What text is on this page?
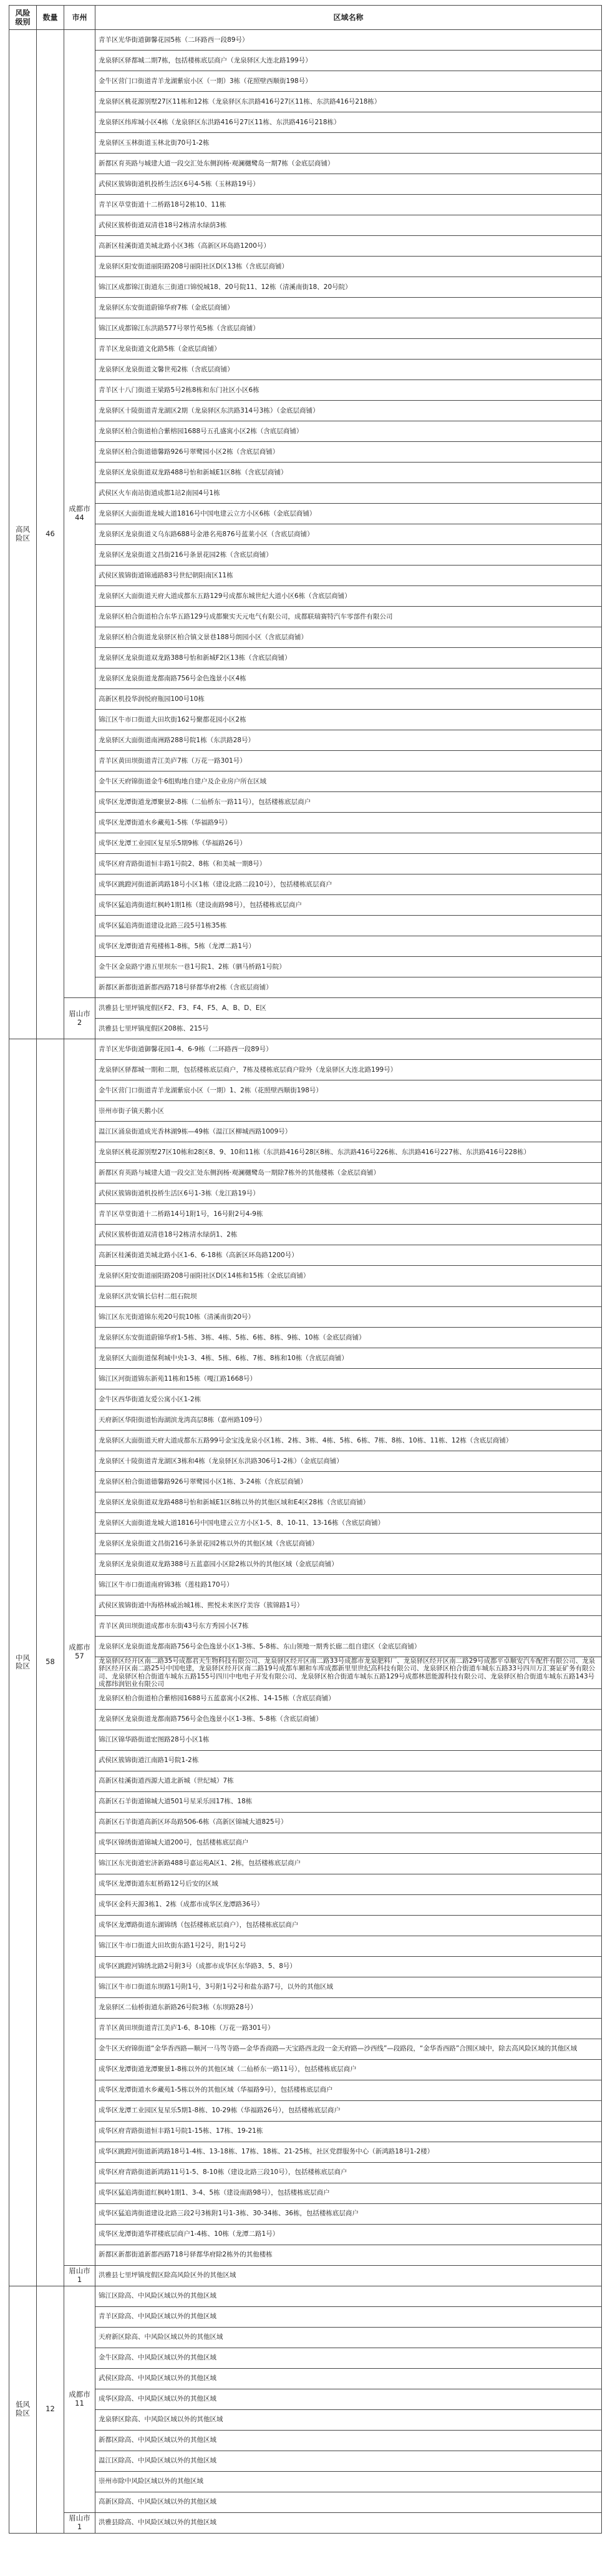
风险级别	数量	市州	区域名称
高风险区	46	成都市44	青羊区光华街道御馨花园5栋（二环路西一段89号）
			龙泉驿区驿都城二期7栋，包括楼栋底层商户（龙泉驿区大连北路199号）
			金牛区营门口街道青羊龙湖紫宸小区（一期）3栋（花照壁西顺街198号）
			龙泉驿区桃花源别墅27区11栋和12栋（龙泉驿区东洪路416号27区11栋、东洪路416号218栋）
			龙泉驿区纬库城小区4栋（龙泉驿区东洪路416号27区11栋、东洪路416号218栋）
			龙泉驿区玉林街道玉林北街70号1-2栋
			新都区育英路与城建大道一段交汇处东侧润杨·观澜樾鹭岛一期7栋（金底层商铺）
			武侯区簇锦街道机投桥生活区6号4-5栋（玉林路19号）
			青羊区草堂街道十二桥路18号2栋10、11栋
			武侯区簇桥街道双清巷18号2栋清水绿荫3栋
			高新区桂溪街道美城北路小区3栋（高新区环岛路1200号）
			龙泉驿区阳安街道丽阳路208号丽阳社区D区13栋（含底层商铺）
			锦江区成都锦江街道东三街道口锦悦城18、20号院11、12栋（清溪南街18、20号院）
			龙泉驿区东安街道蔚锦华府7栋（金底层商铺）
			锦江区成都锦江东洪路577号翠竹苑5栋（含底层商铺）
			青羊区龙泉街道文化路5栋（金底层商铺）
			龙泉驿区龙泉街道文馨世苑2栋（含底层商铺）
			青羊区十八门街道王梁路5号2栋8栋和东门社区小区6栋
			龙泉驿区十陵街道青龙湖区2期（龙泉驿区东洪路314号3栋）（金底层商铺）
			龙泉驿区柏合街道柏合紫榕园1688号五孔盛寓小区2栋（含底层商铺）
			龙泉驿区柏合街道德馨路926号翠鹭园小区2栋（含底层商铺）
			龙泉驿区龙泉街道双龙路488号怡和新城E1区8栋（含底层商铺）
			武侯区火车南站街道成都1站2南园4号1栋
			龙泉驿区大面街道龙城大道1816号中国电建云立方小区6栋（金底层商铺）
			龙泉驿区龙泉街道义乌东路688号金港名苑876号蓝莱小区（含底层商铺）
			龙泉驿区龙泉街道文昌街216号条景花园2栋（含底层商铺）
			武侯区簇锦街道锦通路83号世纪朝阳南区11栋
			龙泉驿区大面街道天府大道成都东五路129号成都东城世纪大道小区6栋（含底层商铺）
			龙泉驿区柏合街道柏合东华五路129号成都聚实天元电气有限公司，成都联瑞赛特汽车零部件有限公司
			龙泉驿区柏合街道龙泉驿区柏合镇文景巷188号朗园小区（含底层商铺）
			龙泉驿区龙泉街道双龙路388号怡和新城F2区13栋（含底层商铺）
			龙泉驿区龙泉街道龙都南路756号金色逸景小区4栋
			高新区机投华润悦府瓶园100号10栋
			锦江区牛市口街道大田坎街162号聚都花园小区2栋
			龙泉驿区大面街道南洲路288号院1栋（东洪路28号）
			青羊区黄田坝街道青江美庐7栋（万花一路301号）
			金牛区天府锦街道金牛6组购地自建户及企业房户所在区域
			成华区龙潭街道龙潭聚景2-8栋（二仙桥东一路11号），包括楼栋底层商户
			成华区龙潭街道水乡藏苑1-5栋（华福路9号）
			成华区龙潭工业园区复星乐5期9栋（华福路26号）
			成华区府青路街道恒丰路1号院2、8栋（和美城一期8号）
			成华区跳蹬河街道新鸿路18号小区1栋（建设北路二段10号），包括楼栋底层商户
			成华区猛追湾街道红枫岭1期1栋（建设南路98号），包括楼栋底层商户
			成华区猛追湾街道建设北路三段5号1栋35栋
			成华区龙潭街道青苑楼栋1-8栋，5栋（龙潭二路1号）
			金牛区金泉路宁港五里坝东一巷1号院1、2栋（驷马桥路1号院）
			新都区新都街道新都西路718号驿都华府2栋（含底层商铺）
		眉山市2	洪雅县七里坪镇度假区F2、F3、F4、F5、A、B、D、E区
			洪雅县七里坪镇度假区208栋、215号
中风险区	58	成都市57	青羊区光华街道御馨花园1-4、6-9栋（二环路西一段89号）
			龙泉驿区驿都城一期和二期，包括楼栋底层商户，7栋及楼栋底层商户除外（龙泉驿区大连北路199号）
			金牛区营门口街道青羊龙湖紫宸小区（一期）1、2栋（花照壁西顺街198号）
			崇州市街子镇天鹅小区
			温江区涌泉街道成光香林湖9栋—49栋（温江区柳城西路1009号）
			龙泉驿区桃花源别墅27区10栋和28区8、9、10和11栋（东洪路416号28区8栋、东洪路416号226栋、东洪路416号227栋、东洪路416号228栋）
			新都区育英路与城建大道一段交汇处东侧润杨·观澜樾鹭岛一期除7栋外的其他楼栋（金底层商铺）
			武侯区簇锦街道机投桥生活区6号1-3栋（龙江路19号）
			青羊区草堂街道十二桥路14号1附1号，16号附2号4-9栋
			武侯区簇桥街道双清巷18号2栋清水绿荫1、2栋
			高新区桂溪街道美城北路小区1-6、6-18栋（高新区环岛路1200号）
			龙泉驿区阳安街道丽阳路208号丽阳社区D区14栋和15栋（金底层商铺）
			龙泉驿区洪安镇长信村二组石院坝
			锦江区东光街道锦东苑20号院10栋（清溪南街20号）
			龙泉驿区东安街道蔚锦华府1-5栋、3栋、4栋、5栋、6栋、8栋、9栋、10栋（金底层商铺）
			龙泉驿区大面街道保利城中央1-3、4栋、5栋、6栋、7栋、8栋和10栋（含底层商铺）
			锦江区河街道锦东新苑11栋和15栋（嘎江路1668号）
			金牛区西华街道友爱公寓小区1-2栋
			天府新区华阳街道怡海湖滨龙湾高层8栋（嘉州路109号）
			龙泉驿区大面街道天府大道成都东五路99号金宝浅龙泉小区1栋、2栋、3栋、4栋、5栋、6栋、7栋、8栋、10栋、11栋、12栋（含底层商铺）
			龙泉驿区十陵街道青龙湖区3栋和4栋（龙泉驿区东洪路306号1-2栋）（金底层商铺）
			龙泉驿区柏合街道德馨路926号翠鹭园小区1栋、3-24栋（含底层商铺）
			龙泉驿区龙泉街道双龙路488号怡和新城E1区8栋以外的其他区域和E4区28栋（含底层商铺）
			龙泉驿区大面街道龙城大道1816号中国电建云立方小区1-5、8、10-11、13-16栋（含底层商铺）
			龙泉驿区龙泉街道文昌街216号条景花园2栋以外的其他区域（含底层商铺）
			龙泉驿区龙泉街道双龙路388号五蓝嘉园小区除2栋以外的其他区域（金底层商铺）
			锦江区牛市口街道南府锦3栋（莲桂路170号）
			武侯区簇锦街道中海格林威治城1栋、熙悦未来医疗美容（簇锦路1号）
			青羊区黄田坝街道成都市东街43号东方秀园小区7栋
			龙泉驿区龙泉街道龙都南路756号金色逸景小区1-3栋、5-8栋、东山领地一期秀长廊二组自建区（金底层商铺）
			龙泉驿区经开区南二路35号成都君天生物科技有限公司、龙泉驿区经开区南二路33号成都市龙泉肥料厂、龙泉驿区经开区南二路29号成都平卓顺安汽车配件有限公司、龙泉驿区经开区南二路25号中国电建，龙泉驿区经开区南二路19号成都车厢和车库成都新里里世纪高科技有限公司、龙泉驿区柏合街道车城东五路33号四川万汇赛证矿务有限公司、龙泉驿区柏合街道车城东五路155号四川中电电子开发有限公司、龙泉驿区柏合街道车城东五路129号成都林恩能源科技有限公司、龙泉驿区柏合街道车城东五路143号成都纬润铝业有限公司
			龙泉驿区柏合街道柏合紫榕园1688号五蓝嘉寓小区2栋、14-15栋（含底层商铺）
			龙泉驿区龙泉街道龙都南路756号金色逸景小区1-3栋、5-8栋（含底层商铺）
			锦江区锦华路街道宏图路28号小区1栋
			武侯区簇锦街道江南路1号院1-2栋
			高新区桂溪街道西源大道北新城（世纪城）7栋
			高新区石羊街道锦城大道501号星采乐园17栋、18栋
			高新区石羊街道高新区环岛路506-6栋（高新区锦城大道825号）
			成华区锦绣街道锦城大道200号，包括楼栋底层商户
			锦江区东光街道宏济新路488号嘉运苑A区1、2栋，包括楼栋底层商户
			成华区龙潭街道东虹桥路12号后安的区域
			成华区金科天源3栋1、2栋（成都市成华区龙潭路36号）
			成华区龙潭路街道东湖锦绣（包括楼栋底层商户），包括楼栋底层商户
			锦江区牛市口街道大田坎街东路1号2号，附1号2号
			成华区跳蹬河锦绣北路2号附3号（成都市成华区东华路3、5、8号）
			锦江区牛市口街道东坝路1号附1号，3号附1号2号和盐东路7号，以外的其他区域
			龙泉驿区二仙桥街道东新路26号院3栋（东坝路28号）
			青羊区黄田坝街道青江美庐1-6、8-10栋（万花一路301号）
			金牛区天府锦街道“金华香西路—顺河一马驾寺路—金华香商路—天宝路西北段一金天府路—沙西线”—段路段，“金华香西路”合围区域中，除去高风险区域的其他区域
			成华区龙潭街道龙潭聚景1-8栋以外的其他区域（二仙桥东一路11号），包括楼栋底层商户
			成华区龙潭街道水乡藏苑1-5栋以外的其他区域（华福路9号），包括楼栋底层商户
			成华区龙潭工业园区复星乐5期1-8栋、10-29栋（华福路26号），包括楼栋底层商户
			成华区府青路街道恒丰路1号院1-15栋、17栋、19-21栋
			成华区跳蹬河街道新鸿路18号1-4栋、13-18栋、17栋、18栋、21-25栋，社区党群服务中心（新鸿路18号1-2楼）
			成华区府青路街道新鸿路11号1-5、8-10栋（建设北路三段10号），包括楼栋底层商户
			成华区猛追湾街道红枫岭1期1、3-4、5栋（建设南路98号），包括楼栋底层商户
			成华区猛追湾街道建设北路三段2号3栋附1号1-3栋、30-34栋、36栋，包括楼栋底层商户
			成华区龙潭街道华祥楼底层商户1-4栋、10栋（龙潭二路1号）
			新都区新都街道新都西路718号驿都华府除2栋外的其他楼栋
		眉山市1	洪雅县七里坪镇度假区除高风险区外的其他区域
低风险区	12	成都市11	锦江区除高、中风险区域以外的其他区域
			青羊区除高、中风险区域以外的其他区域
			天府新区除高、中风险区域以外的其他区域
			金牛区除高、中风险区域以外的其他区域
			武侯区除高、中风险区域以外的其他区域
			成华区除高、中风险区域以外的其他区域
			龙泉驿区除高、中风险区域以外的其他区域
			新都区除高、中风险区域以外的其他区域
			温江区除高、中风险区域以外的其他区域
			崇州市除中风险区域以外的其他区域
			高新区除高、中风险区域以外的其他区域
		眉山市1	洪雅县除高、中风险区域以外的其他区域
